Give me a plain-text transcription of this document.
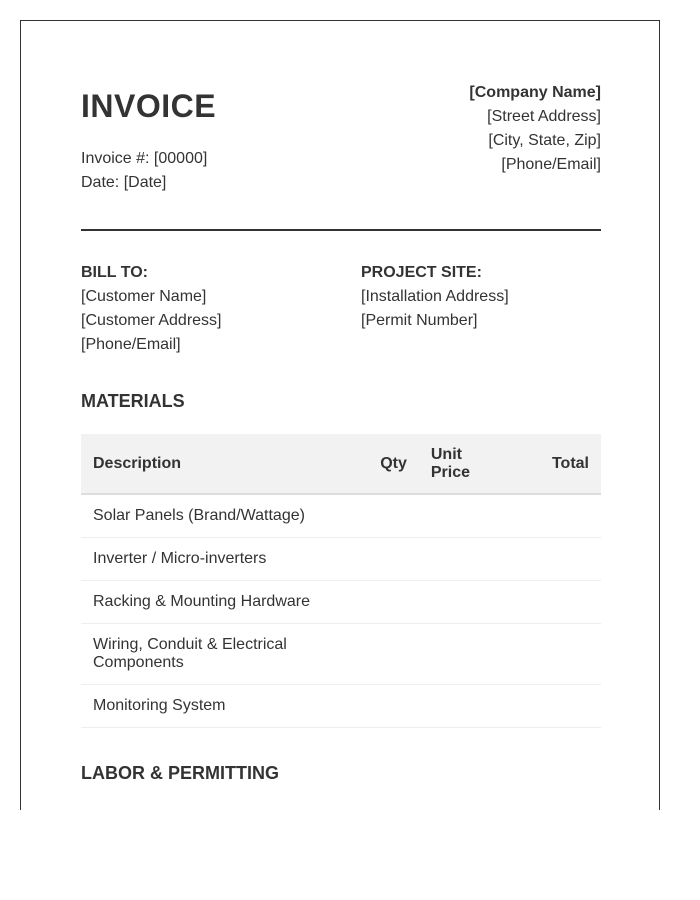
INVOICE
Invoice #: [00000]
Date: [Date]
[Company Name]
[Street Address]
[City, State, Zip]
[Phone/Email]
BILL TO:
[Customer Name]
[Customer Address]
[Phone/Email]
PROJECT SITE:
[Installation Address]
[Permit Number]
MATERIALS
Description	Qty	Unit Price	Total
Solar Panels (Brand/Wattage)			
Inverter / Micro-inverters			
Racking & Mounting Hardware			
Wiring, Conduit & Electrical Components			
Monitoring System			
LABOR & PERMITTING
